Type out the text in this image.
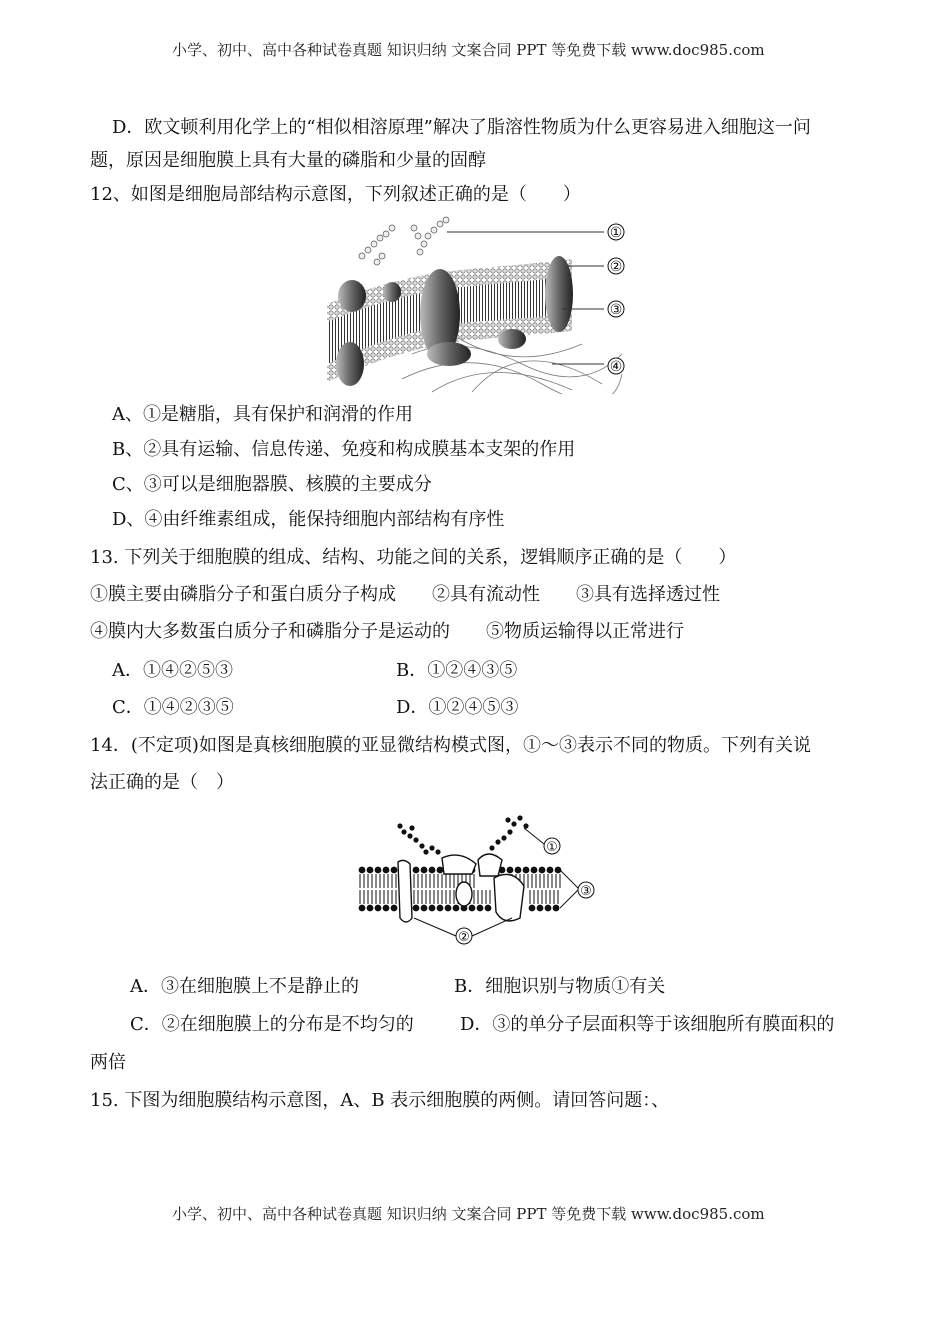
小学、初中、高中各种试卷真题 知识归纳 文案合同 PPT 等免费下载 www.doc985.com
D．欧文顿利用化学上的“相似相溶原理”解决了脂溶性物质为什么更容易进入细胞这一问
题，原因是细胞膜上具有大量的磷脂和少量的固醇
12、如图是细胞局部结构示意图，下列叙述正确的是（　　）
①
②
③
④
A、①是糖脂，具有保护和润滑的作用
B、②具有运输、信息传递、免疫和构成膜基本支架的作用
C、③可以是细胞器膜、核膜的主要成分
D、④由纤维素组成，能保持细胞内部结构有序性
13. 下列关于细胞膜的组成、结构、功能之间的关系，逻辑顺序正确的是（　　）
①膜主要由磷脂分子和蛋白质分子构成　　②具有流动性　　③具有选择透过性
④膜内大多数蛋白质分子和磷脂分子是运动的　　⑤物质运输得以正常进行
A．①④②⑤③	B．①②④③⑤
C．①④②③⑤	D．①②④⑤③
14．(不定项)如图是真核细胞膜的亚显微结构模式图，①～③表示不同的物质。下列有关说
法正确的是（　）
①
③
②
A．③在细胞膜上不是静止的	B．细胞识别与物质①有关
C．②在细胞膜上的分布是不均匀的	D．③的单分子层面积等于该细胞所有膜面积的
两倍
15. 下图为细胞膜结构示意图，A、B 表示细胞膜的两侧。请回答问题：、
小学、初中、高中各种试卷真题 知识归纳 文案合同 PPT 等免费下载 www.doc985.com
